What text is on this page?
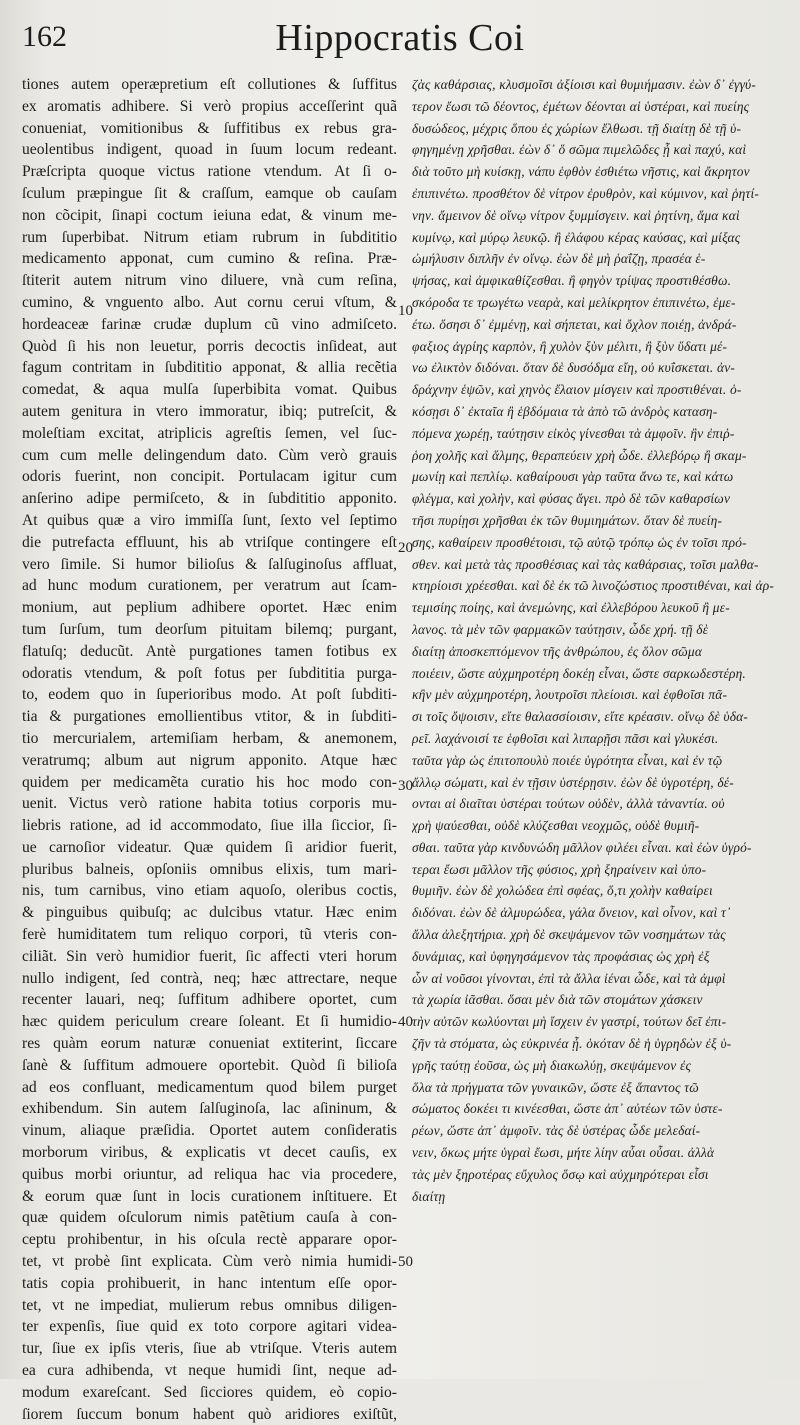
162	Hippocratis Coi
tiones autem operæpretium eſt collutiones & ſuffitus
ex aromatis adhibere. Si verò propius acceſſerint quã
conueniat, vomitionibus & ſuffitibus ex rebus gra-
ueolentibus indigent, quoad in ſuum locum redeant.
Præſcripta quoque victus ratione vtendum. At ſi o-
ſculum præpingue ſit & craſſum, eamque ob cauſam
non cõcipit, ſinapi coctum ieiuna edat, & vinum me-
rum ſuperbibat. Nitrum etiam rubrum in ſubdititio
medicamento apponat, cum cumino & reſina. Præ-
ſtiterit autem nitrum vino diluere, vnà cum reſina,
cumino, & vnguento albo. Aut cornu cerui vſtum, &
hordeaceæ farinæ crudæ duplum cũ vino admiſceto.
Quòd ſi his non leuetur, porris decoctis inſideat, aut
fagum contritam in ſubdititio apponat, & allia recẽtia
comedat, & aqua mulſa ſuperbibita vomat. Quibus
autem genitura in vtero immoratur, ibiq; putreſcit, &
moleſtiam excitat, atriplicis agreſtis ſemen, vel ſuc-
cum cum melle delingendum dato. Cùm verò grauis
odoris fuerint, non concipit. Portulacam igitur cum
anſerino adipe permiſceto, & in ſubdititio apponito.
At quibus quæ a viro immiſſa ſunt, ſexto vel ſeptimo
die putrefacta effluunt, his ab vtriſque contingere eſt
vero ſimile. Si humor bilioſus & ſalſuginoſus affluat,
ad hunc modum curationem, per veratrum aut ſcam-
monium, aut peplium adhibere oportet. Hæc enim
tum ſurſum, tum deorſum pituitam bilemq; purgant,
flatuſq; deducũt. Antè purgationes tamen fotibus ex
odoratis vtendum, & poſt fotus per ſubdititia purga-
to, eodem quo in ſuperioribus modo. At poſt ſubditi-
tia & purgationes emollientibus vtitor, & in ſubditi-
tio mercurialem, artemiſiam herbam, & anemonem,
veratrumq; album aut nigrum apponito. Atque hæc
quidem per medicamẽta curatio his hoc modo con-
uenit. Victus verò ratione habita totius corporis mu-
liebris ratione, ad id accommodato, ſiue illa ſiccior, ſi-
ue carnoſior videatur. Quæ quidem ſi aridior fuerit,
pluribus balneis, opſoniis omnibus elixis, tum mari-
nis, tum carnibus, vino etiam aquoſo, oleribus coctis,
& pinguibus quibuſq; ac dulcibus vtatur. Hæc enim
ferè humiditatem tum reliquo corpori, tũ vteris con-
ciliãt. Sin verò humidior fuerit, ſic affecti vteri horum
nullo indigent, ſed contrà, neq; hæc attrectare, neque
recenter lauari, neq; ſuffitum adhibere oportet, cum
hæc quidem periculum creare ſoleant. Et ſi humidio-
res quàm eorum naturæ conueniat extiterint, ſiccare
ſanè & ſuffitum admouere oportebit. Quòd ſi bilioſa
ad eos confluant, medicamentum quod bilem purget
exhibendum. Sin autem ſalſuginoſa, lac aſininum, &
vinum, aliaque præſidia. Oportet autem conſideratis
morborum viribus, & explicatis vt decet cauſis, ex
quibus morbi oriuntur, ad reliqua hac via procedere,
& eorum quæ ſunt in locis curationem inſtituere. Et
quæ quidem oſculorum nimis patẽtium cauſa à con-
ceptu prohibentur, in his oſcula rectè apparare opor-
tet, vt probè ſint explicata. Cùm verò nimia humidi-
tatis copia prohibuerit, in hanc intentum eſſe opor-
tet, vt ne impediat, mulierum rebus omnibus diligen-
ter expenſis, ſiue quid ex toto corpore agitari videa-
tur, ſiue ex ipſis vteris, ſiue ab vtriſque. Vteris autem
ea cura adhibenda, vt neque humidi ſint, neque ad-
modum exareſcant. Sed ſicciores quidem, eò copio-
ſiorem ſuccum bonum habent quò aridiores exiſtũt,
ζὰς καθάρσιας, κλυσμοῖσι ἀξίοισι καὶ θυμιήμασιν. ἐὼν δ᾽ ἐγγύ-
τερον ἔωσι τῶ δέοντος, ἐμέτων δέονται αἱ ὑστέραι, καὶ πυείης
δυσώδεος, μέχρις ὅπου ἐς χώρίων ἔλθωσι. τῇ διαίτῃ δὲ τῇ ὑ-
φηγημένῃ χρῆσθαι. ἐὼν δ᾽ ὅ σῶμα πιμελῶδες ᾖ καὶ παχύ, καὶ
διὰ τοῦτο μὴ κυίσκῃ, νάπυ ἑφθὸν ἐσθιέτω νῆστις, καὶ ἄκρητον
ἐπιπινέτω. προσθέτον δὲ νίτρον ἐρυθρὸν, καὶ κύμινον, καὶ ῥητί-
νην. ἄμεινον δὲ οἴνῳ νίτρον ξυμμίσγειν. καὶ ῥητίνη, ἅμα καὶ
κυμίνῳ, καὶ μύρῳ λευκῷ. ἢ ἐλάφου κέρας καύσας, καὶ μίξας
ὠμήλυσιν διπλῆν ἐν οἴνῳ. ἐὼν δὲ μὴ ῥαΐζῃ, πρασέα ἑ-
ψήσας, καὶ ἀμφικαθίζεσθαι. ἢ φηγὸν τρίψας προστιθέσθω.
σκόροδα τε τρωγέτω νεαρὰ, καὶ μελίκρητον ἐπιπινέτω, ἐμε-
έτω. ὅσησι δ᾽ ἐμμένῃ, καὶ σήπεται, καὶ ὄχλον ποιέῃ, ἀνδρά-
φαξιος ἀγρίης καρπὸν, ἢ χυλὸν ξὺν μέλιτι, ἢ ξὺν ὕδατι μέ-
νω ἐλικτὸν διδόναι. ὅταν δὲ δυσόδμα εἴη, οὐ κυΐσκεται. ἀν-
δράχνην ἑψῶν, καὶ χηνὸς ἔλαιον μίσγειν καὶ προστιθέναι. ὁ-
κόσῃσι δ᾽ ἐκταῖα ἢ ἑβδόμαια τὰ ἀπὸ τῶ ἀνδρὸς καταση-
πόμενα χωρέῃ, ταύτῃσιν εἰκὸς γίνεσθαι τὰ ἀμφοῖν. ἢν ἐπιῤ-
ῥοη χολῆς καὶ ἅλμης, θεραπεύειν χρὴ ὧδε. ἐλλεβόρῳ ἢ σκαμ-
μωνίῃ καὶ πεπλίῳ. καθαίρουσι γὰρ ταῦτα ἄνω τε, καὶ κάτω
φλέγμα, καὶ χολὴν, καὶ φύσας ἄγει. πρὸ δὲ τῶν καθαρσίων
τῆσι πυρίῃσι χρῆσθαι ἐκ τῶν θυμιημάτων. ὅταν δὲ πυείη-
σης, καθαίρειν προσθέτοισι, τῷ αὐτῷ τρόπῳ ὡς ἐν τοῖσι πρό-
σθεν. καὶ μετὰ τὰς προσθέσιας καὶ τὰς καθάρσιας, τοῖσι μαλθα-
κτηρίοισι χρέεσθαι. καὶ δὲ ἐκ τῶ λινοζώστιος προστιθέναι, καὶ ἀρ-
τεμισίης ποίης, καὶ ἀνεμώνης, καὶ ἐλλεβόρου λευκοῦ ἢ με-
λανος. τὰ μὲν τῶν φαρμακῶν ταύτῃσιν, ὧδε χρή. τῇ δὲ
διαίτῃ ἀποσκεπτόμενον τῆς ἀνθρώπου, ἐς ὅλον σῶμα
ποιέειν, ὥστε αὐχμηροτέρη δοκέῃ εἶναι, ὥστε σαρκωδεστέρη.
κἢν μὲν αὐχμηροτέρη, λουτροῖσι πλείοισι. καὶ ἑφθοῖσι πᾶ-
σι τοῖς ὄψοισιν, εἴτε θαλασσίοισιν, εἴτε κρέασιν. οἴνῳ δὲ ὑδα-
ρεῖ. λαχάνοισί τε ἑφθοῖσι καὶ λιπαρῇσι πᾶσι καὶ γλυκέσι.
ταῦτα γὰρ ὡς ἐπιτοπουλὺ ποιέε ὑγρότητα εἶναι, καὶ ἐν τῷ
ἄλλῳ σώματι, καὶ ἐν τῇσιν ὑστέρῃσιν. ἐὼν δὲ ὑγροτέρη, δέ-
ονται αἱ διαῖται ὑστέραι τούτων οὐδὲν, ἀλλὰ τἀναντία. οὐ
χρὴ ψαύεσθαι, οὐδὲ κλύζεσθαι νεοχμῶς, οὐδὲ θυμιῆ-
σθαι. ταῦτα γὰρ κινδυνώδη μᾶλλον φιλέει εἶναι. καὶ ἐὼν ὑγρό-
τεραι ἔωσι μᾶλλον τῆς φύσιος, χρὴ ξηραίνειν καὶ ὑπο-
θυμιῆν. ἐὼν δὲ χολώδεα ἐπὶ σφέας, ὅ,τι χολὴν καθαίρει
διδόναι. ἐὼν δὲ ἁλμυρώδεα, γάλα ὄνειον, καὶ οἶνον, καὶ τ᾽
ἄλλα ἀλεξητήρια. χρὴ δὲ σκεψάμενον τῶν νοσημάτων τὰς
δυνάμιας, καὶ ὑφηγησάμενον τὰς προφάσιας ὡς χρὴ ἐξ
ὧν αἱ νοῦσοι γίνονται, ἐπὶ τὰ ἄλλα ἰέναι ὧδε, καὶ τὰ ἀμφὶ
τὰ χωρία ἰᾶσθαι. ὅσαι μὲν διὰ τῶν στομάτων χάσκειν
τὴν αὐτῶν κωλύονται μὴ ἴσχειν ἐν γαστρί, τούτων δεῖ ἐπι-
ζῆν τὰ στόματα, ὡς εὐκρινέα ᾖ. ὁκόταν δὲ ἡ ὑγρηδὼν ἐξ ὑ-
γρῆς ταύτῃ ἐοῦσα, ὡς μὴ διακωλύῃ, σκεψάμενον ἐς
ὅλα τὰ πρήγματα τῶν γυναικῶν, ὥστε ἐξ ἅπαντος τῶ
σώματος δοκέει τι κινέεσθαι, ὥστε ἀπ᾽ αὐτέων τῶν ὑστε-
ρέων, ὥστε ἀπ᾽ ἀμφοῖν. τὰς δὲ ὑστέρας ὧδε μελεδαί-
νειν, ὅκως μήτε ὑγραὶ ἔωσι, μήτε λίην αὖαι οὖσαι. ἀλλὰ
τὰς μὲν ξηροτέρας εὔχυλος ὅσῳ καὶ αὐχμηρότεραι εἶσι
διαίτῃ
10
20
30
40
50
